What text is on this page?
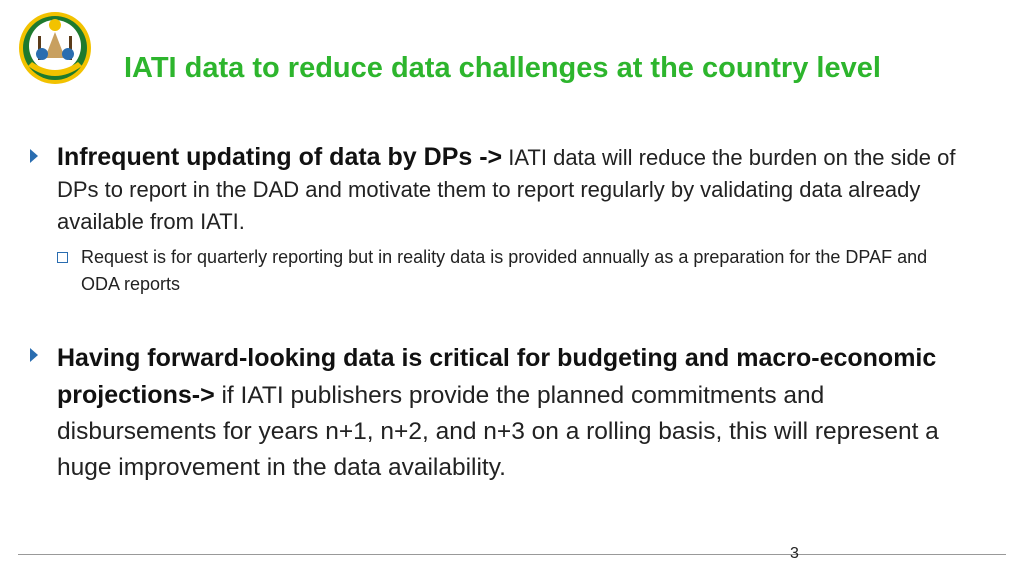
IATI data to reduce data challenges at the country level
Infrequent updating of data by DPs -> IATI data will reduce the burden on the side of DPs to report in the DAD and motivate them to report regularly by validating data already available from IATI.
Request is for quarterly reporting but in reality data is provided annually as a preparation for the DPAF and ODA reports
Having forward-looking data is critical for budgeting and macro-economic projections-> if IATI publishers provide the planned commitments and disbursements for years n+1, n+2, and n+3 on a rolling basis, this will represent a huge improvement in the data availability.
3
